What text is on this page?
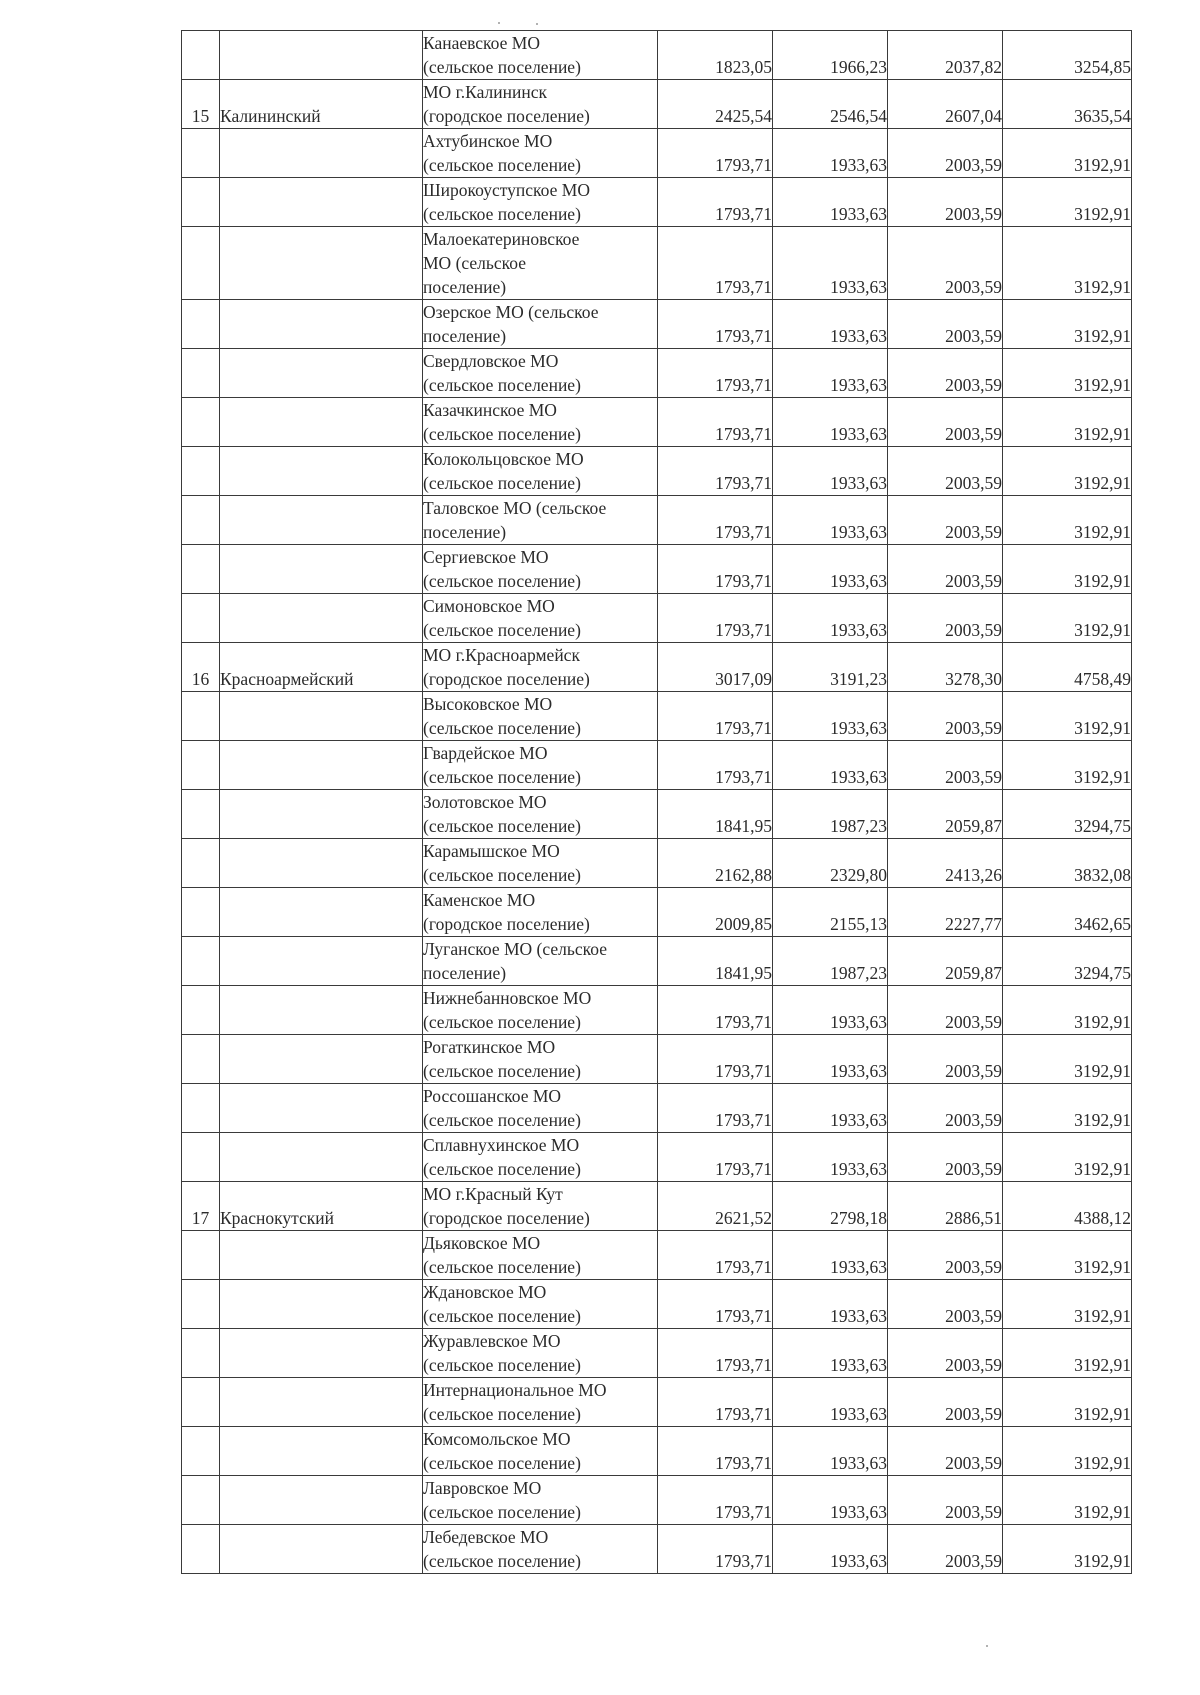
		Канаевское МО
(сельское поселение)	1823,05	1966,23	2037,82	3254,85
15	Калининский	МО г.Калининск
(городское поселение)	2425,54	2546,54	2607,04	3635,54
		Ахтубинское МО
(сельское поселение)	1793,71	1933,63	2003,59	3192,91
		Широкоуступское МО
(сельское поселение)	1793,71	1933,63	2003,59	3192,91
		Малоекатериновское
МО (сельское
поселение)	1793,71	1933,63	2003,59	3192,91
		Озерское МО (сельское
поселение)	1793,71	1933,63	2003,59	3192,91
		Свердловское МО
(сельское поселение)	1793,71	1933,63	2003,59	3192,91
		Казачкинское МО
(сельское поселение)	1793,71	1933,63	2003,59	3192,91
		Колокольцовское МО
(сельское поселение)	1793,71	1933,63	2003,59	3192,91
		Таловское МО (сельское
поселение)	1793,71	1933,63	2003,59	3192,91
		Сергиевское МО
(сельское поселение)	1793,71	1933,63	2003,59	3192,91
		Симоновское МО
(сельское поселение)	1793,71	1933,63	2003,59	3192,91
16	Красноармейский	МО г.Красноармейск
(городское поселение)	3017,09	3191,23	3278,30	4758,49
		Высоковское МО
(сельское поселение)	1793,71	1933,63	2003,59	3192,91
		Гвардейское МО
(сельское поселение)	1793,71	1933,63	2003,59	3192,91
		Золотовское МО
(сельское поселение)	1841,95	1987,23	2059,87	3294,75
		Карамышское МО
(сельское поселение)	2162,88	2329,80	2413,26	3832,08
		Каменское МО
(городское поселение)	2009,85	2155,13	2227,77	3462,65
		Луганское МО (сельское
поселение)	1841,95	1987,23	2059,87	3294,75
		Нижнебанновское МО
(сельское поселение)	1793,71	1933,63	2003,59	3192,91
		Рогаткинское МО
(сельское поселение)	1793,71	1933,63	2003,59	3192,91
		Россошанское МО
(сельское поселение)	1793,71	1933,63	2003,59	3192,91
		Сплавнухинское МО
(сельское поселение)	1793,71	1933,63	2003,59	3192,91
17	Краснокутский	МО г.Красный Кут
(городское поселение)	2621,52	2798,18	2886,51	4388,12
		Дьяковское МО
(сельское поселение)	1793,71	1933,63	2003,59	3192,91
		Ждановское МО
(сельское поселение)	1793,71	1933,63	2003,59	3192,91
		Журавлевское МО
(сельское поселение)	1793,71	1933,63	2003,59	3192,91
		Интернациональное МО
(сельское поселение)	1793,71	1933,63	2003,59	3192,91
		Комсомольское МО
(сельское поселение)	1793,71	1933,63	2003,59	3192,91
		Лавровское МО
(сельское поселение)	1793,71	1933,63	2003,59	3192,91
		Лебедевское МО
(сельское поселение)	1793,71	1933,63	2003,59	3192,91
